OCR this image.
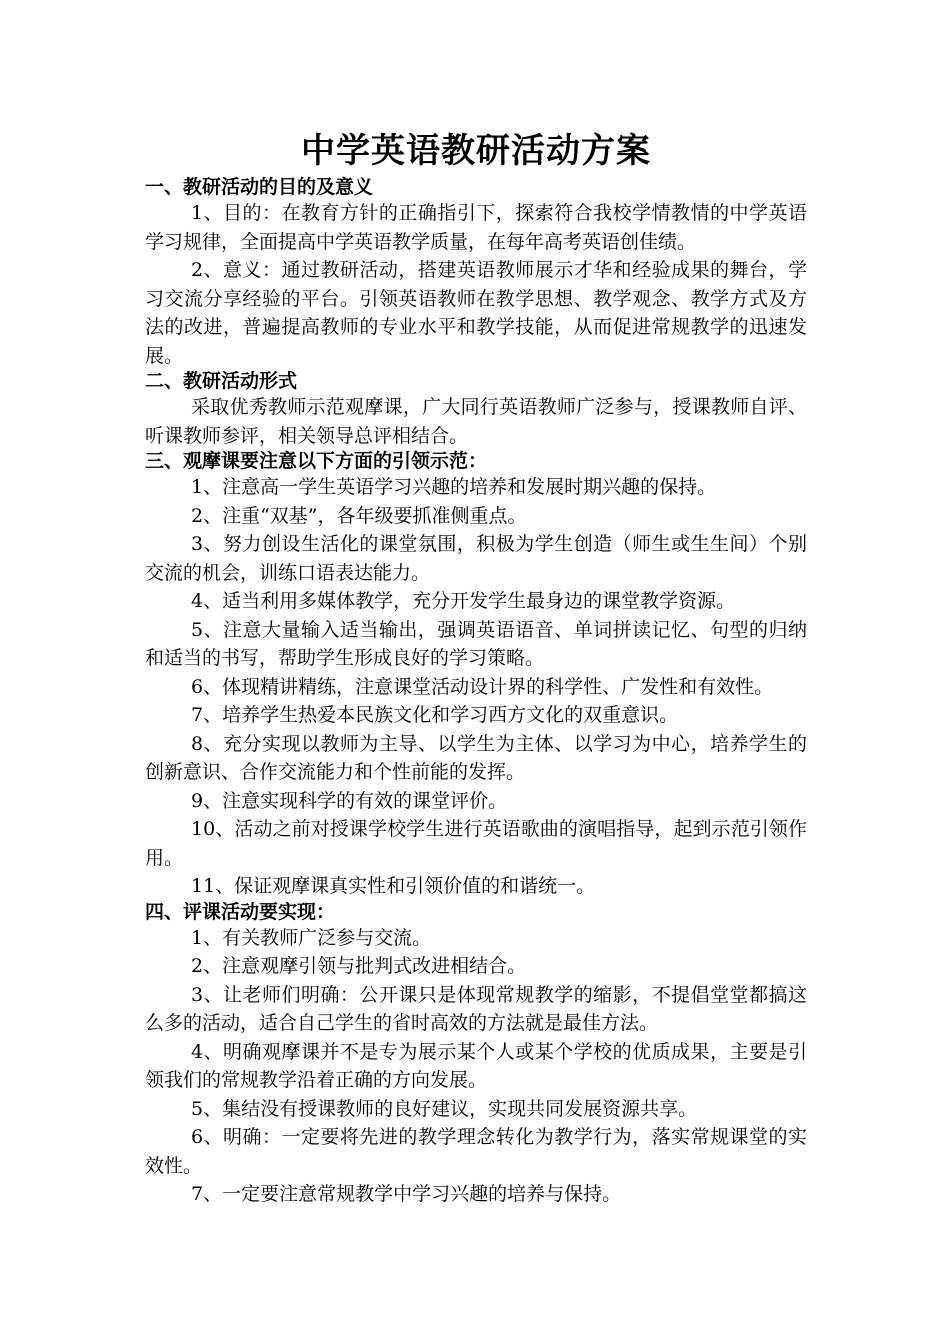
中学英语教研活动方案

一、教研活动的目的及意义

1、目的：在教育方针的正确指引下，探索符合我校学情教情的中学英语学习规律，全面提高中学英语教学质量，在每年高考英语创佳绩。

2、意义：通过教研活动，搭建英语教师展示才华和经验成果的舞台，学习交流分享经验的平台。引领英语教师在教学思想、教学观念、教学方式及方法的改进，普遍提高教师的专业水平和教学技能，从而促进常规教学的迅速发展。

二、教研活动形式

采取优秀教师示范观摩课，广大同行英语教师广泛参与，授课教师自评、听课教师参评，相关领导总评相结合。

三、观摩课要注意以下方面的引领示范：

1、注意高一学生英语学习兴趣的培养和发展时期兴趣的保持。

2、注重“双基”，各年级要抓准侧重点。

3、努力创设生活化的课堂氛围，积极为学生创造（师生或生生间）个别交流的机会，训练口语表达能力。

4、适当利用多媒体教学，充分开发学生最身边的课堂教学资源。

5、注意大量输入适当输出，强调英语语音、单词拼读记忆、句型的归纳和适当的书写，帮助学生形成良好的学习策略。

6、体现精讲精练，注意课堂活动设计界的科学性、广发性和有效性。

7、培养学生热爱本民族文化和学习西方文化的双重意识。

8、充分实现以教师为主导、以学生为主体、以学习为中心，培养学生的创新意识、合作交流能力和个性前能的发挥。

9、注意实现科学的有效的课堂评价。

10、活动之前对授课学校学生进行英语歌曲的演唱指导，起到示范引领作用。

11、保证观摩课真实性和引领价值的和谐统一。

四、评课活动要实现：

1、有关教师广泛参与交流。

2、注意观摩引领与批判式改进相结合。

3、让老师们明确：公开课只是体现常规教学的缩影，不提倡堂堂都搞这么多的活动，适合自己学生的省时高效的方法就是最佳方法。

4、明确观摩课并不是专为展示某个人或某个学校的优质成果，主要是引领我们的常规教学沿着正确的方向发展。

5、集结没有授课教师的良好建议，实现共同发展资源共享。

6、明确：一定要将先进的教学理念转化为教学行为，落实常规课堂的实效性。

7、一定要注意常规教学中学习兴趣的培养与保持。
